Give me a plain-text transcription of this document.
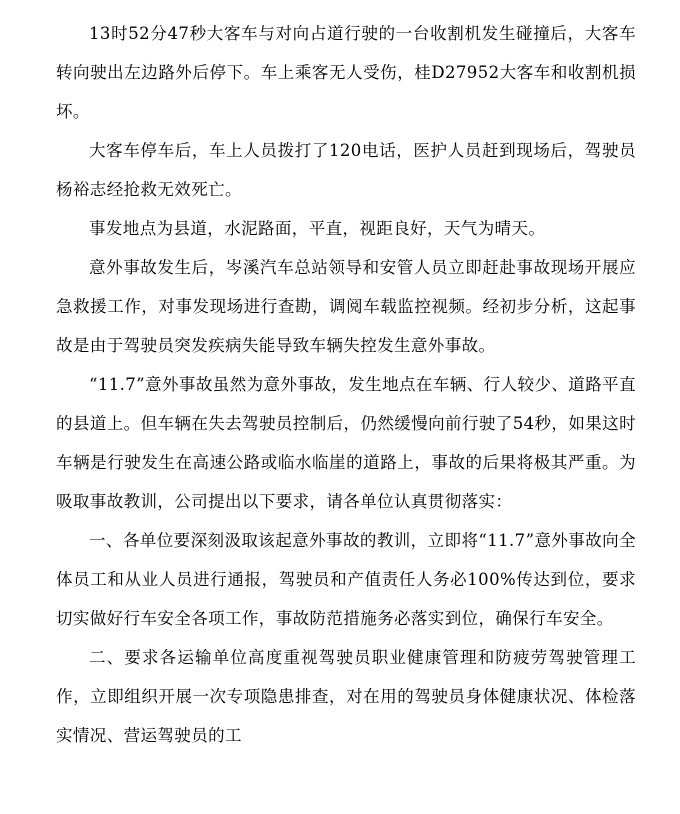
13时52分47秒大客车与对向占道行驶的一台收割机发生碰撞后，大客车转向驶出左边路外后停下。车上乘客无人受伤，桂D27952大客车和收割机损坏。

大客车停车后，车上人员拨打了120电话，医护人员赶到现场后，驾驶员杨裕志经抢救无效死亡。

事发地点为县道，水泥路面，平直，视距良好，天气为晴天。

意外事故发生后，岑溪汽车总站领导和安管人员立即赶赴事故现场开展应急救援工作，对事发现场进行查勘，调阅车载监控视频。经初步分析，这起事故是由于驾驶员突发疾病失能导致车辆失控发生意外事故。

“11.7”意外事故虽然为意外事故，发生地点在车辆、行人较少、道路平直的县道上。但车辆在失去驾驶员控制后，仍然缓慢向前行驶了54秒，如果这时车辆是行驶发生在高速公路或临水临崖的道路上，事故的后果将极其严重。为吸取事故教训，公司提出以下要求，请各单位认真贯彻落实：

一、各单位要深刻汲取该起意外事故的教训，立即将“11.7”意外事故向全体员工和从业人员进行通报，驾驶员和产值责任人务必100%传达到位，要求切实做好行车安全各项工作，事故防范措施务必落实到位，确保行车安全。

二、要求各运输单位高度重视驾驶员职业健康管理和防疲劳驾驶管理工作，立即组织开展一次专项隐患排查，对在用的驾驶员身体健康状况、体检落实情况、营运驾驶员的工
